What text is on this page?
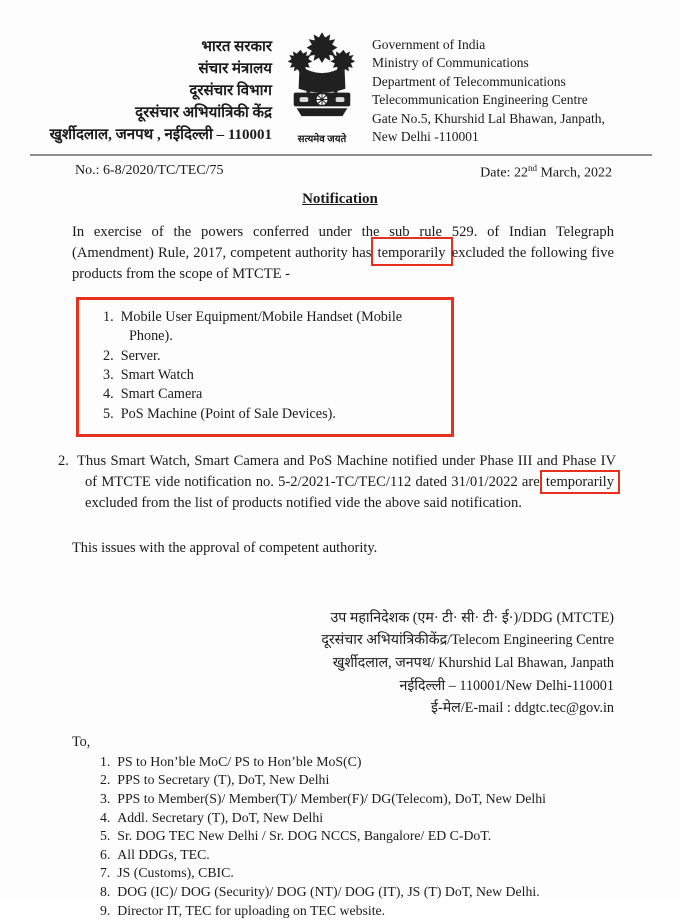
भारत सरकार
संचार मंत्रालय
दूरसंचार विभाग
दूरसंचार अभियांत्रिकी केंद्र
खुर्शीदलाल, जनपथ , नईदिल्ली – 110001	सत्यमेव जयते
Government of India
Ministry of Communications
Department of Telecommunications
Telecommunication Engineering Centre
Gate No.5, Khurshid Lal Bhawan, Janpath,
New Delhi -110001
No.: 6-8/2020/TC/TEC/75	Date: 22nd March, 2022
Notification

In exercise of the powers conferred under the sub rule 529. of Indian Telegraph (Amendment) Rule, 2017, competent authority has temporarily excluded the following five products from the scope of MTCTE -

Mobile User Equipment/Mobile Handset (Mobile Phone).
Server.
Smart Watch
Smart Camera
PoS Machine (Point of Sale Devices).

2. Thus Smart Watch, Smart Camera and PoS Machine notified under Phase III and Phase IV of MTCTE vide notification no. 5-2/2021-TC/TEC/112 dated 31/01/2022 are temporarily excluded from the list of products notified vide the above said notification.

This issues with the approval of competent authority.

उप महानिदेशक (एम· टी· सी· टी· ई·)/DDG (MTCTE)
दूरसंचार अभियांत्रिकीकेंद्र/Telecom Engineering Centre
खुर्शीदलाल, जनपथ/ Khurshid Lal Bhawan, Janpath
नईदिल्ली – 110001/New Delhi-110001
ई-मेल/E-mail : ddgtc.tec@gov.in
To,
PS to Hon’ble MoC/ PS to Hon’ble MoS(C)
PPS to Secretary (T), DoT, New Delhi
PPS to Member(S)/ Member(T)/ Member(F)/ DG(Telecom), DoT, New Delhi
Addl. Secretary (T), DoT, New Delhi
Sr. DOG TEC New Delhi / Sr. DOG NCCS, Bangalore/ ED C-DoT.
All DDGs, TEC.
JS (Customs), CBIC.
DOG (IC)/ DOG (Security)/ DOG (NT)/ DOG (IT), JS (T) DoT, New Delhi.
Director IT, TEC for uploading on TEC website.
